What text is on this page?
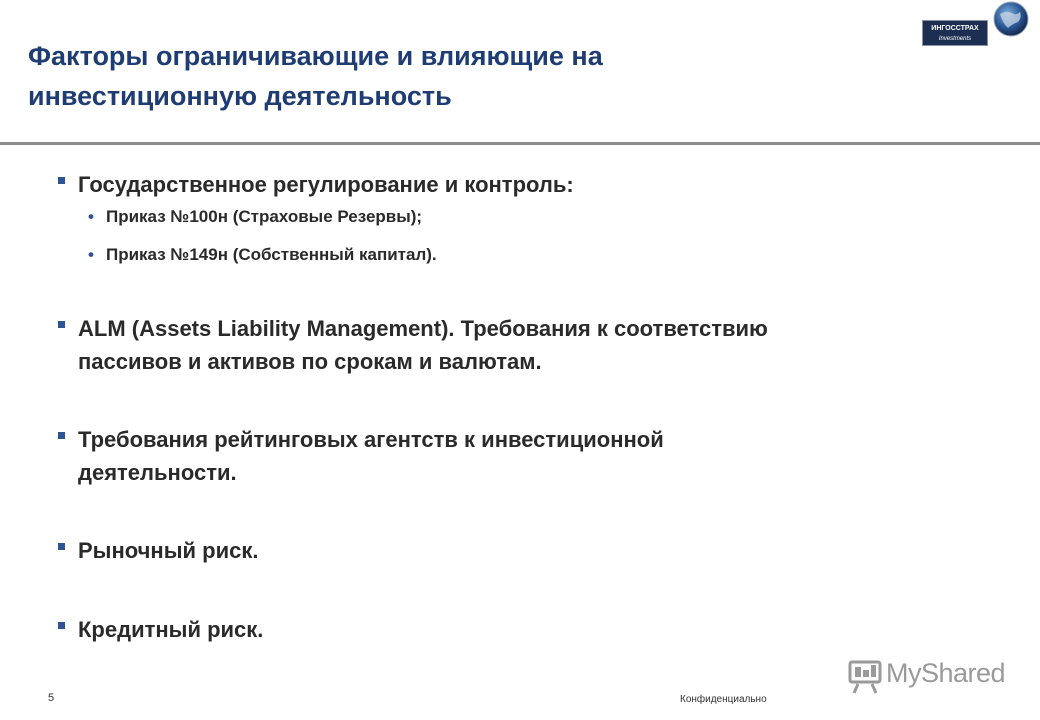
Факторы ограничивающие и влияющие на
инвестиционную деятельность
ИНГОССТРАХ
Investments
Государственное регулирование и контроль:
• Приказ №100н (Страховые Резервы);
• Приказ №149н (Собственный капитал).
ALM (Assets Liability Management). Требования к соответствию
пассивов и активов по срокам и валютам.
Требования рейтинговых агентств к инвестиционной
деятельности.
Рыночный риск.
Кредитный риск.
5	Конфиденциально
MyShared
